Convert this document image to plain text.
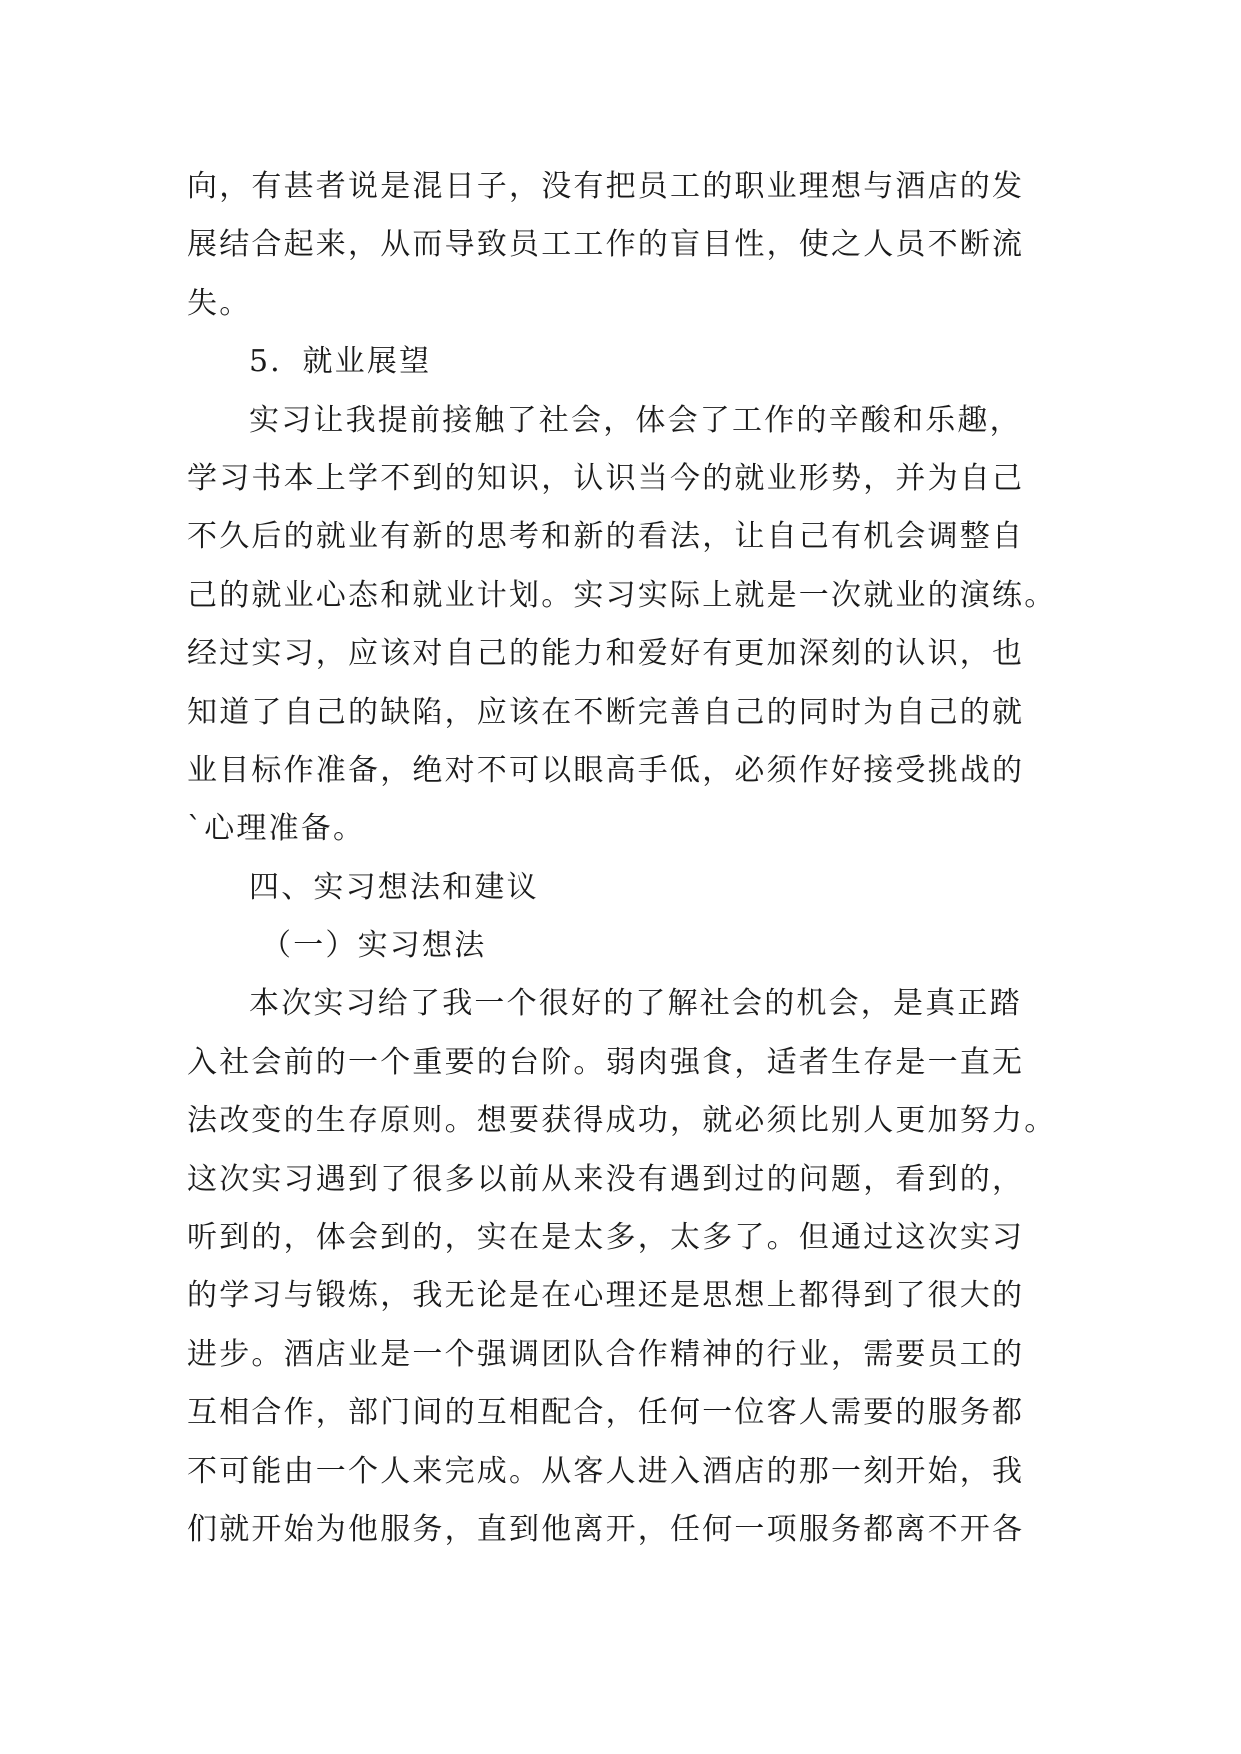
向，有甚者说是混日子，没有把员工的职业理想与酒店的发
展结合起来，从而导致员工工作的盲目性，使之人员不断流
失。
5．就业展望
实习让我提前接触了社会，体会了工作的辛酸和乐趣，
学习书本上学不到的知识，认识当今的就业形势，并为自己
不久后的就业有新的思考和新的看法，让自己有机会调整自
己的就业心态和就业计划。实习实际上就是一次就业的演练。
经过实习，应该对自己的能力和爱好有更加深刻的认识，也
知道了自己的缺陷，应该在不断完善自己的同时为自己的就
业目标作准备，绝对不可以眼高手低，必须作好接受挑战的
`心理准备。
四、实习想法和建议
（一）实习想法
本次实习给了我一个很好的了解社会的机会，是真正踏
入社会前的一个重要的台阶。弱肉强食，适者生存是一直无
法改变的生存原则。想要获得成功，就必须比别人更加努力。
这次实习遇到了很多以前从来没有遇到过的问题，看到的，
听到的，体会到的，实在是太多，太多了。但通过这次实习
的学习与锻炼，我无论是在心理还是思想上都得到了很大的
进步。酒店业是一个强调团队合作精神的行业，需要员工的
互相合作，部门间的互相配合，任何一位客人需要的服务都
不可能由一个人来完成。从客人进入酒店的那一刻开始，我
们就开始为他服务，直到他离开，任何一项服务都离不开各
